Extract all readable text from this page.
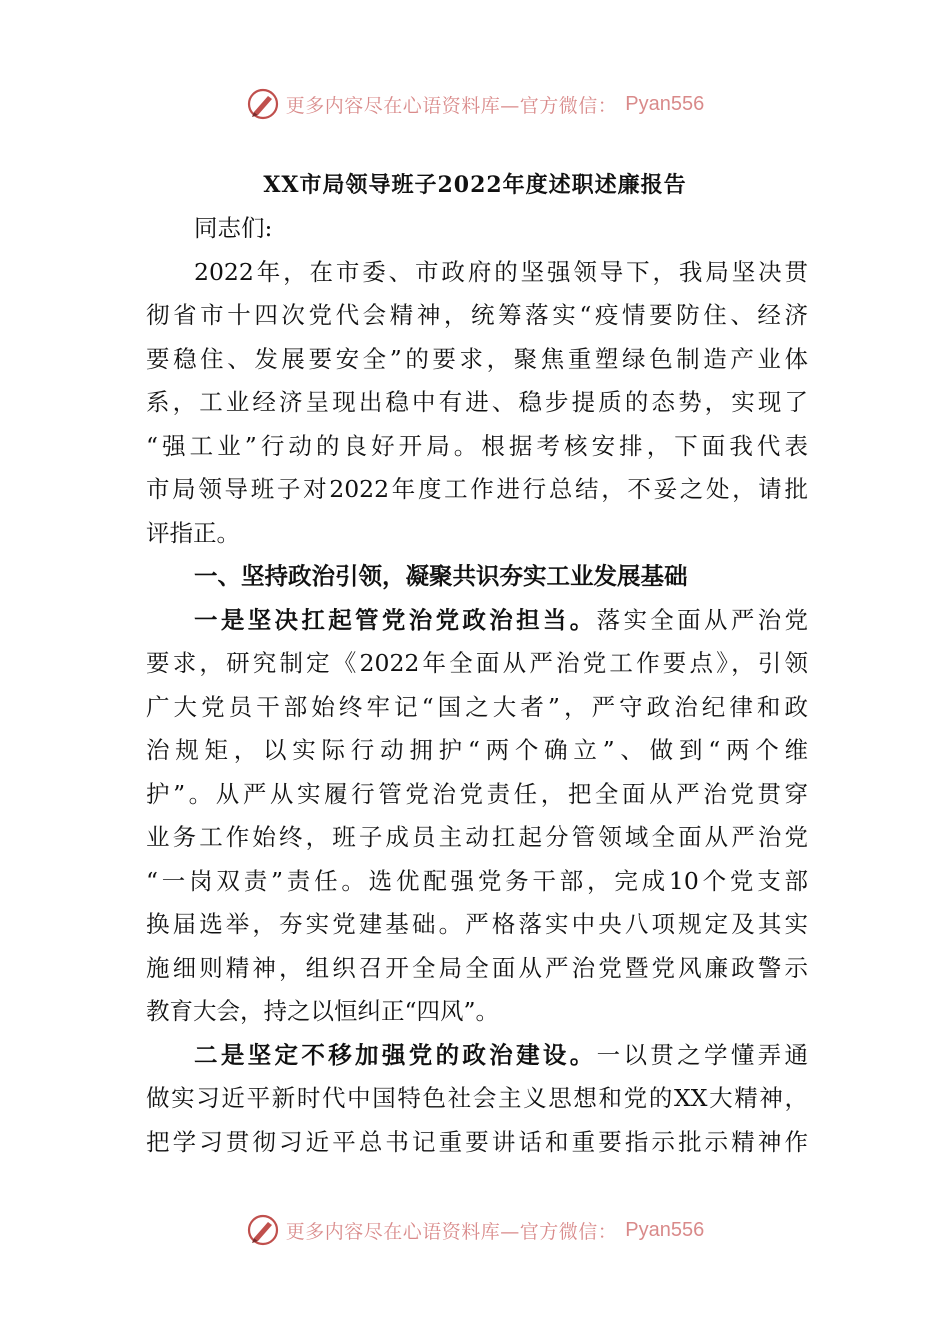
更多内容尽在心语资料库—官方微信： Pyan556
XX市局领导班子2022年度述职述廉报告
同志们:
2022年，在市委、市政府的坚强领导下，我局坚决贯
彻省市十四次党代会精神，统筹落实“疫情要防住、经济
要稳住、发展要安全”的要求，聚焦重塑绿色制造产业体
系，工业经济呈现出稳中有进、稳步提质的态势，实现了
“强工业”行动的良好开局。根据考核安排，下面我代表
市局领导班子对2022年度工作进行总结，不妥之处，请批
评指正。
一、坚持政治引领，凝聚共识夯实工业发展基础
一是坚决扛起管党治党政治担当。落实全面从严治党
要求，研究制定《2022年全面从严治党工作要点》，引领
广大党员干部始终牢记“国之大者”，严守政治纪律和政
治规矩，以实际行动拥护“两个确立”、做到“两个维
护”。从严从实履行管党治党责任，把全面从严治党贯穿
业务工作始终，班子成员主动扛起分管领域全面从严治党
“一岗双责”责任。选优配强党务干部，完成10个党支部
换届选举，夯实党建基础。严格落实中央八项规定及其实
施细则精神，组织召开全局全面从严治党暨党风廉政警示
教育大会，持之以恒纠正“四风”。
二是坚定不移加强党的政治建设。一以贯之学懂弄通
做实习近平新时代中国特色社会主义思想和党的XX大精神，
把学习贯彻习近平总书记重要讲话和重要指示批示精神作
更多内容尽在心语资料库—官方微信： Pyan556
